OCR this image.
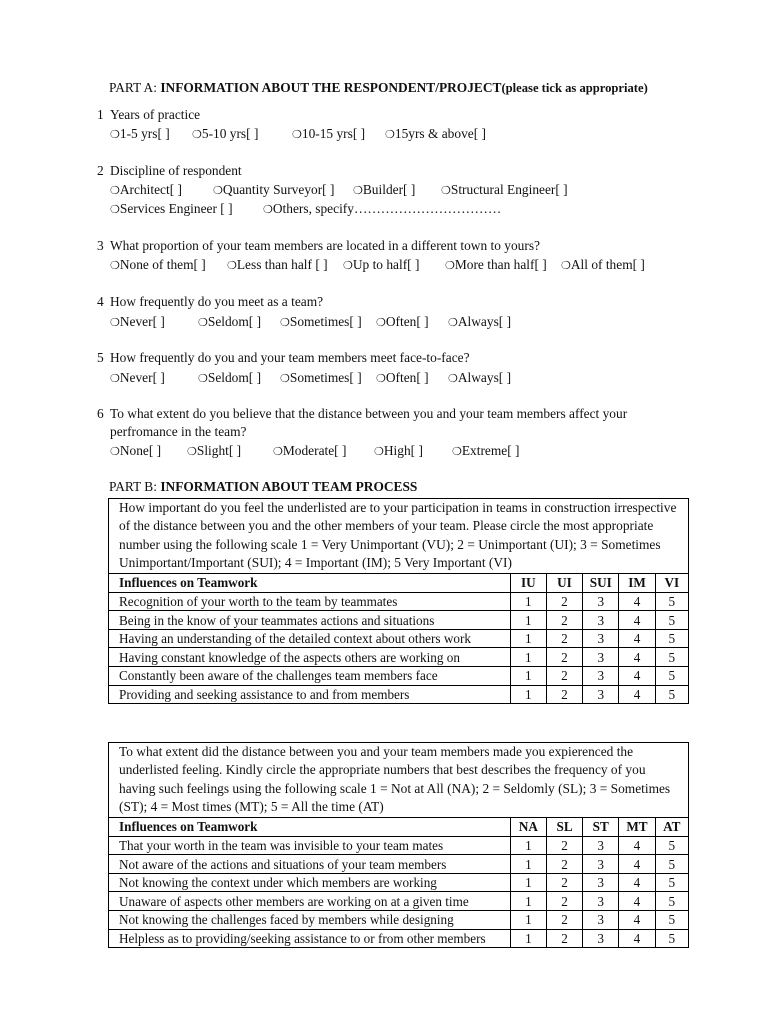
PART A: INFORMATION ABOUT THE RESPONDENT/PROJECT(please tick as appropriate)
1 Years of practice
❍1-5 yrs[ ] ❍5-10 yrs[ ]	❍10-15 yrs[ ] ❍15yrs & above[ ]
2 Discipline of respondent
❍Architect[ ]	❍Quantity Surveyor[ ] ❍Builder[ ] ❍Structural Engineer[ ]
❍Services Engineer [ ]	❍Others, specify……………………………
3 What proportion of your team members are located in a different town to yours?
❍None of them[ ] ❍Less than half [ ] ❍Up to half[ ] ❍More than half[ ] ❍All of them[ ]
4 How frequently do you meet as a team?
❍Never[ ]	❍Seldom[ ] ❍Sometimes[ ] ❍Often[ ] ❍Always[ ]
5 How frequently do you and your team members meet face-to-face?
❍Never[ ]	❍Seldom[ ] ❍Sometimes[ ] ❍Often[ ] ❍Always[ ]
6 To what extent do you believe that the distance between you and your team members affect your
perfromance in the team?
❍None[ ] ❍Slight[ ]	❍Moderate[ ]	❍High[ ]	❍Extreme[ ]
PART B: INFORMATION ABOUT TEAM PROCESS
How important do you feel the underlisted are to your participation in teams in construction irrespective of the distance between you and the other members of your team. Please circle the most appropriate number using the following scale 1 = Very Unimportant (VU); 2 = Unimportant (UI); 3 = Sometimes Unimportant/Important (SUI); 4 = Important (IM); 5 Very Important (VI)
Influences on Teamwork	IU	UI	SUI	IM	VI
Recognition of your worth to the team by teammates	1	2	3	4	5
Being in the know of your teammates actions and situations	1	2	3	4	5
Having an understanding of the detailed context about others work	1	2	3	4	5
Having constant knowledge of the aspects others are working on	1	2	3	4	5
Constantly been aware of the challenges team members face	1	2	3	4	5
Providing and seeking assistance to and from members	1	2	3	4	5
To what extent did the distance between you and your team members made you expierenced the underlisted feeling. Kindly circle the appropriate numbers that best describes the frequency of you having such feelings using the following scale 1 = Not at All (NA); 2 = Seldomly (SL); 3 = Sometimes (ST); 4 = Most times (MT); 5 = All the time (AT)
Influences on Teamwork	NA	SL	ST	MT	AT
That your worth in the team was invisible to your team mates	1	2	3	4	5
Not aware of the actions and situations of your team members	1	2	3	4	5
Not knowing the context under which members are working	1	2	3	4	5
Unaware of aspects other members are working on at a given time	1	2	3	4	5
Not knowing the challenges faced by members while designing	1	2	3	4	5
Helpless as to providing/seeking assistance to or from other members	1	2	3	4	5
